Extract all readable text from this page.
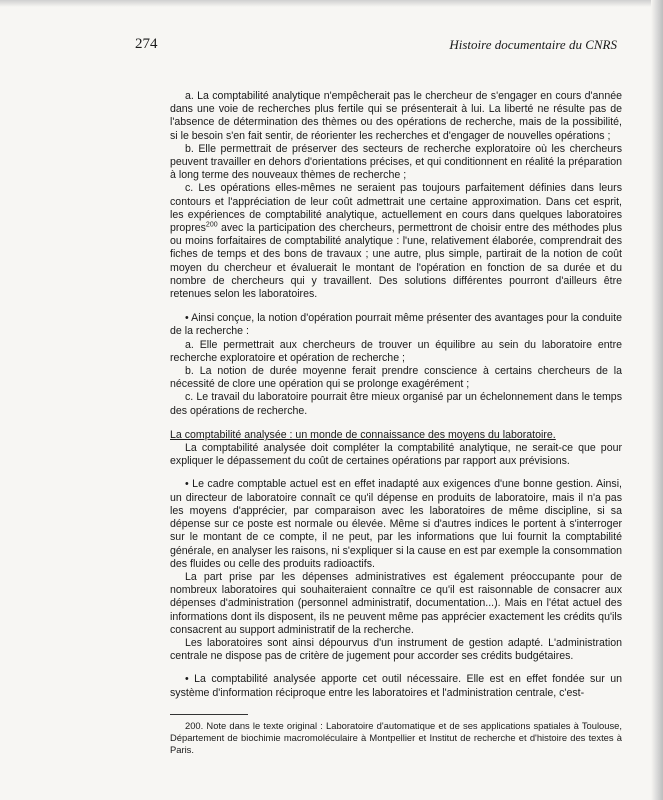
274	Histoire documentaire du CNRS

a. La comptabilité analytique n'empêcherait pas le chercheur de s'engager en cours d'année dans une voie de recherches plus fertile qui se présenterait à lui. La liberté ne résulte pas de l'absence de détermination des thèmes ou des opérations de recherche, mais de la possibilité, si le besoin s'en fait sentir, de réorienter les recherches et d'engager de nouvelles opérations ;

b. Elle permettrait de préserver des secteurs de recherche exploratoire où les chercheurs peuvent travailler en dehors d'orientations précises, et qui conditionnent en réalité la préparation à long terme des nouveaux thèmes de recherche ;

c. Les opérations elles-mêmes ne seraient pas toujours parfaitement définies dans leurs contours et l'appréciation de leur coût admettrait une certaine approximation. Dans cet esprit, les expériences de comptabilité analytique, actuellement en cours dans quelques laboratoires propres$^{200}$ avec la participation des chercheurs, permettront de choisir entre des méthodes plus ou moins forfaitaires de comptabilité analytique : l'une, relativement élaborée, comprendrait des fiches de temps et des bons de travaux ; une autre, plus simple, partirait de la notion de coût moyen du chercheur et évaluerait le montant de l'opération en fonction de sa durée et du nombre de chercheurs qui y travaillent. Des solutions différentes pourront d'ailleurs être retenues selon les laboratoires.

• Ainsi conçue, la notion d'opération pourrait même présenter des avantages pour la conduite de la recherche :

a. Elle permettrait aux chercheurs de trouver un équilibre au sein du laboratoire entre recherche exploratoire et opération de recherche ;

b. La notion de durée moyenne ferait prendre conscience à certains chercheurs de la nécessité de clore une opération qui se prolonge exagérément ;

c. Le travail du laboratoire pourrait être mieux organisé par un échelonnement dans le temps des opérations de recherche.

La comptabilité analysée : un monde de connaissance des moyens du laboratoire.

La comptabilité analysée doit compléter la comptabilité analytique, ne serait-ce que pour expliquer le dépassement du coût de certaines opérations par rapport aux prévisions.

• Le cadre comptable actuel est en effet inadapté aux exigences d'une bonne gestion. Ainsi, un directeur de laboratoire connaît ce qu'il dépense en produits de laboratoire, mais il n'a pas les moyens d'apprécier, par comparaison avec les laboratoires de même discipline, si sa dépense sur ce poste est normale ou élevée. Même si d'autres indices le portent à s'interroger sur le montant de ce compte, il ne peut, par les informations que lui fournit la comptabilité générale, en analyser les raisons, ni s'expliquer si la cause en est par exemple la consommation des fluides ou celle des produits radioactifs.

La part prise par les dépenses administratives est également préoccupante pour de nombreux laboratoires qui souhaiteraient connaître ce qu'il est raisonnable de consacrer aux dépenses d'administration (personnel administratif, documentation...). Mais en l'état actuel des informations dont ils disposent, ils ne peuvent même pas apprécier exactement les crédits qu'ils consacrent au support administratif de la recherche.

Les laboratoires sont ainsi dépourvus d'un instrument de gestion adapté. L'administration centrale ne dispose pas de critère de jugement pour accorder ses crédits budgétaires.

• La comptabilité analysée apporte cet outil nécessaire. Elle est en effet fondée sur un système d'information réciproque entre les laboratoires et l'administration centrale, c'est-

200. Note dans le texte original : Laboratoire d'automatique et de ses applications spatiales à Toulouse, Département de biochimie macromoléculaire à Montpellier et Institut de recherche et d'histoire des textes à Paris.
